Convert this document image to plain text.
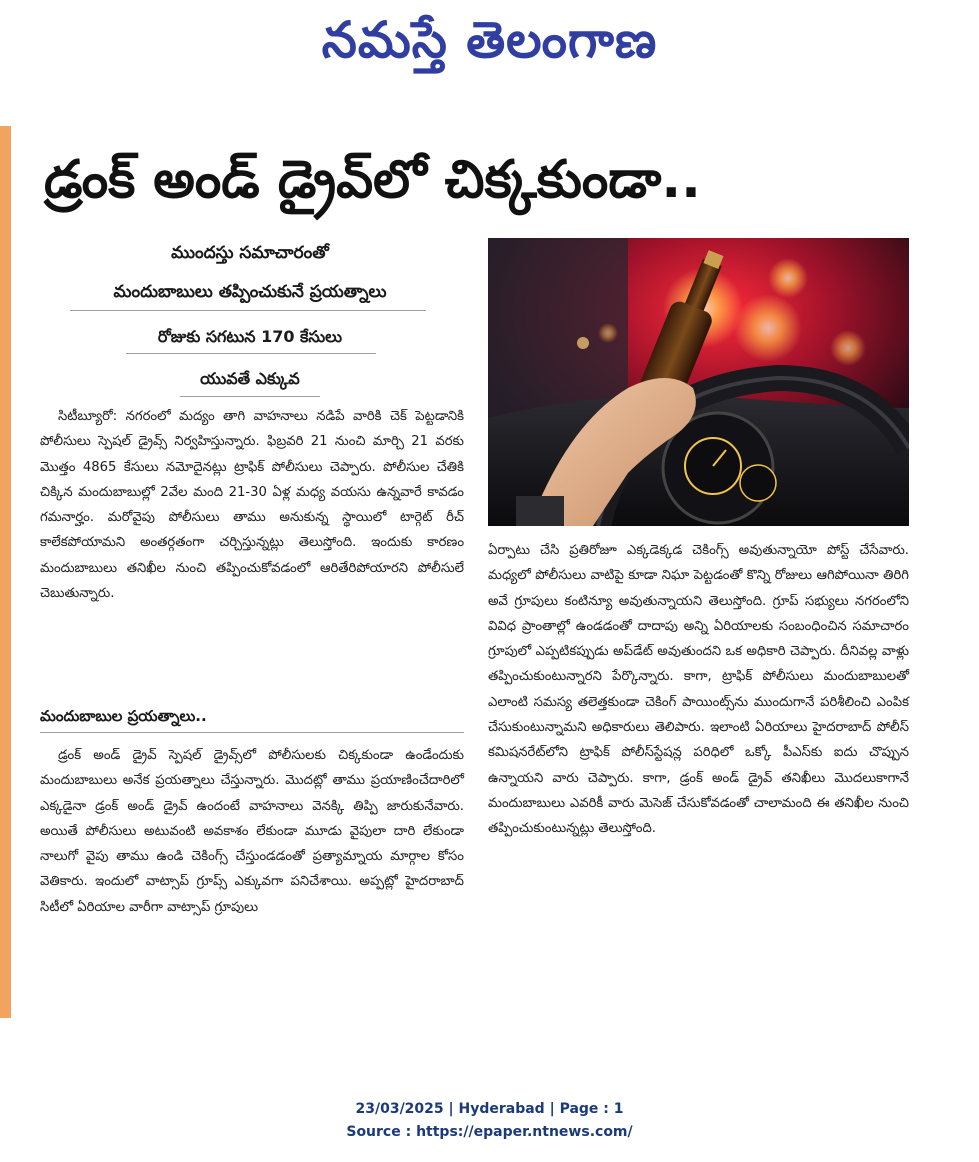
నమస్తే తెలంగాణ
డ్రంక్ అండ్ డ్రైవ్‌లో చిక్కకుండా..
ముందస్తు సమాచారంతో
మందుబాబులు తప్పించుకునే ప్రయత్నాలు
రోజుకు సగటున 170 కేసులు
యువతే ఎక్కువ

సిటీబ్యూరో: నగరంలో మద్యం తాగి వాహనాలు నడిపే వారికి చెక్ పెట్టడానికి పోలీసులు స్పెషల్ డ్రైవ్స్ నిర్వహిస్తున్నారు. ఫిబ్రవరి 21 నుంచి మార్చి 21 వరకు మొత్తం 4865 కేసులు నమోదైనట్లు ట్రాఫిక్ పోలీసులు చెప్పారు. పోలీసుల చేతికి చిక్కిన మందుబాబుల్లో 2వేల మంది 21-30 ఏళ్ల మధ్య వయసు ఉన్నవారే కావడం గమనార్హం. మరోవైపు పోలీసులు తాము అనుకున్న స్థాయిలో టార్గెట్ రీచ్ కాలేకపోయామని అంతర్గతంగా చర్చిస్తున్నట్లు తెలుస్తోంది. ఇందుకు కారణం మందుబాబులు తనిఖీల నుంచి తప్పించుకోవడంలో ఆరితేరిపోయారని పోలీసులే చెబుతున్నారు.

మందుబాబుల ప్రయత్నాలు..

డ్రంక్ అండ్ డ్రైవ్ స్పెషల్ డ్రైవ్స్‌లో పోలీసులకు చిక్కకుండా ఉండేందుకు మందుబాబులు అనేక ప్రయత్నాలు చేస్తున్నారు. మొదట్లో తాము ప్రయాణించేదారిలో ఎక్కడైనా డ్రంక్ అండ్ డ్రైవ్ ఉందంటే వాహనాలు వెనక్కి తిప్పి జారుకునేవారు. అయితే పోలీసులు అటువంటి అవకాశం లేకుండా మూడు వైపులా దారి లేకుండా నాలుగో వైపు తాము ఉండి చెకింగ్స్ చేస్తుండడంతో ప్రత్యామ్నాయ మార్గాల కోసం వెతికారు. ఇందులో వాట్సాప్ గ్రూప్స్ ఎక్కువగా పనిచేశాయి. అప్పట్లో హైదరాబాద్ సిటీలో ఏరియాల వారీగా వాట్సాప్ గ్రూపులు

ఏర్పాటు చేసి ప్రతిరోజూ ఎక్కడెక్కడ చెకింగ్స్ అవుతున్నాయో పోస్ట్ చేసేవారు. మధ్యలో పోలీసులు వాటిపై కూడా నిఘా పెట్టడంతో కొన్ని రోజులు ఆగిపోయినా తిరిగి అవే గ్రూపులు కంటిన్యూ అవుతున్నాయని తెలుస్తోంది. గ్రూప్ సభ్యులు నగరంలోని వివిధ ప్రాంతాల్లో ఉండడంతో దాదాపు అన్ని ఏరియాలకు సంబంధించిన సమాచారం గ్రూపులో ఎప్పటికప్పుడు అప్‌డేట్ అవుతుందని ఒక అధికారి చెప్పారు. దీనివల్ల వాళ్లు తప్పించుకుంటున్నారని పేర్కొన్నారు. కాగా, ట్రాఫిక్ పోలీసులు మందుబాబులతో ఎలాంటి సమస్య తలెత్తకుండా చెకింగ్ పాయింట్స్‌ను ముందుగానే పరిశీలించి ఎంపిక చేసుకుంటున్నామని అధికారులు తెలిపారు. ఇలాంటి ఏరియాలు హైదరాబాద్ పోలీస్ కమిషనరేట్‌లోని ట్రాఫిక్ పోలీస్‌స్టేషన్ల పరిధిలో ఒక్కో పీఎస్‌కు ఐదు చొప్పున ఉన్నాయని వారు చెప్పారు. కాగా, డ్రంక్ అండ్ డ్రైవ్ తనిఖీలు మొదలుకాగానే మందుబాబులు ఎవరికీ వారు మెసెజ్ చేసుకోవడంతో చాలామంది ఈ తనిఖీల నుంచి తప్పించుకుంటున్నట్లు తెలుస్తోంది.

23/03/2025 | Hyderabad | Page : 1
Source : https://epaper.ntnews.com/
